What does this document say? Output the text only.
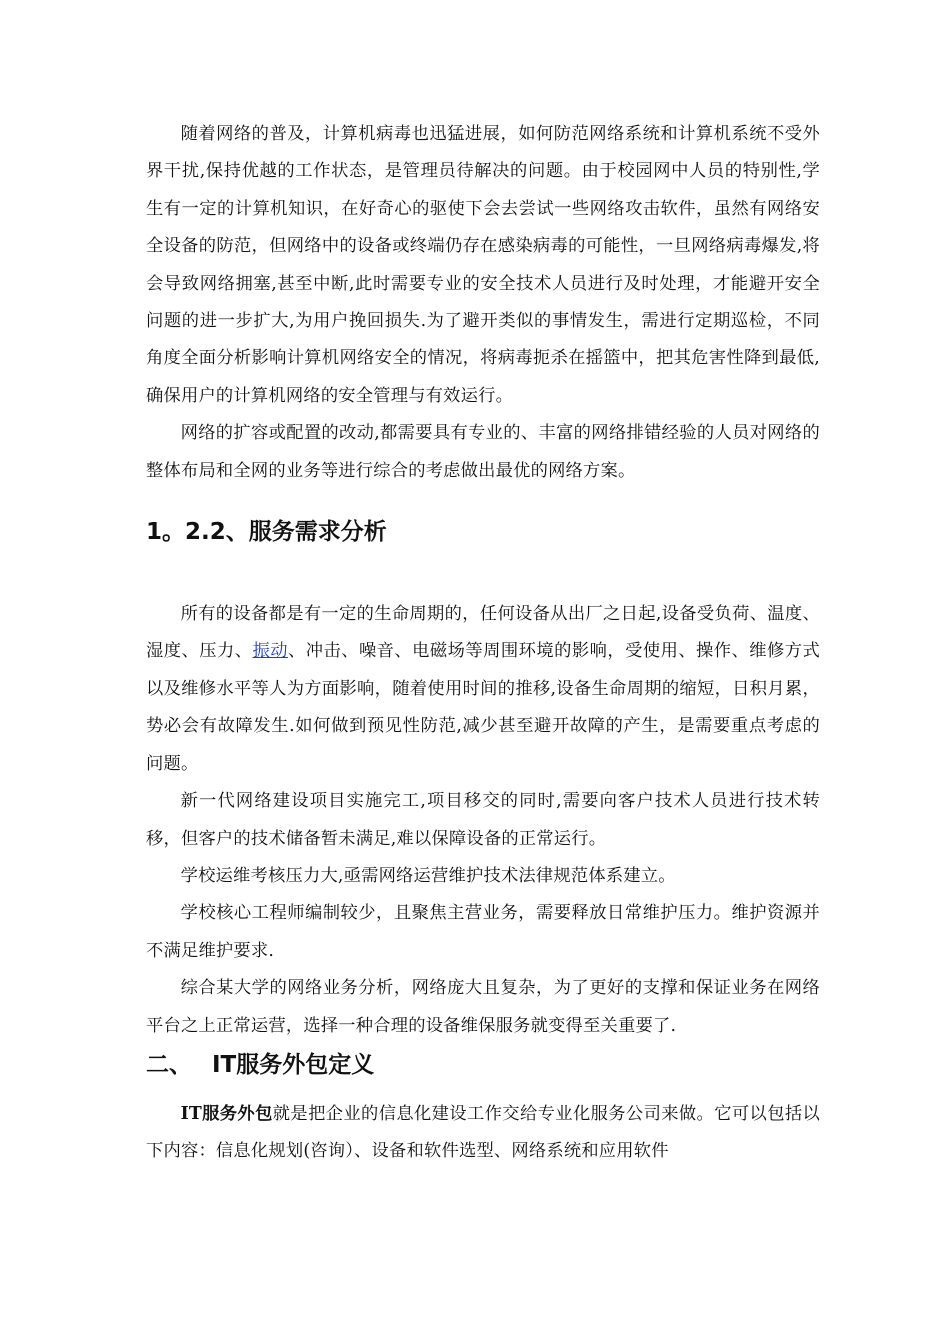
随着网络的普及，计算机病毒也迅猛进展，如何防范网络系统和计算机系统不受外界干扰,保持优越的工作状态，是管理员待解决的问题。由于校园网中人员的特别性,学生有一定的计算机知识，在好奇心的驱使下会去尝试一些网络攻击软件，虽然有网络安全设备的防范，但网络中的设备或终端仍存在感染病毒的可能性，一旦网络病毒爆发,将会导致网络拥塞,甚至中断,此时需要专业的安全技术人员进行及时处理，才能避开安全问题的进一步扩大,为用户挽回损失.为了避开类似的事情发生，需进行定期巡检，不同角度全面分析影响计算机网络安全的情况，将病毒扼杀在摇篮中，把其危害性降到最低,确保用户的计算机网络的安全管理与有效运行。

网络的扩容或配置的改动,都需要具有专业的、丰富的网络排错经验的人员对网络的整体布局和全网的业务等进行综合的考虑做出最优的网络方案。

1。2.2、服务需求分析

所有的设备都是有一定的生命周期的，任何设备从出厂之日起,设备受负荷、温度、湿度、压力、振动、冲击、噪音、电磁场等周围环境的影响，受使用、操作、维修方式以及维修水平等人为方面影响，随着使用时间的推移,设备生命周期的缩短，日积月累，势必会有故障发生.如何做到预见性防范,减少甚至避开故障的产生，是需要重点考虑的问题。

新一代网络建设项目实施完工,项目移交的同时,需要向客户技术人员进行技术转移，但客户的技术储备暂未满足,难以保障设备的正常运行。

学校运维考核压力大,亟需网络运营维护技术法律规范体系建立。

学校核心工程师编制较少，且聚焦主营业务，需要释放日常维护压力。维护资源并不满足维护要求.

综合某大学的网络业务分析，网络庞大且复杂，为了更好的支撑和保证业务在网络平台之上正常运营，选择一种合理的设备维保服务就变得至关重要了.

二、 IT服务外包定义

IT服务外包就是把企业的信息化建设工作交给专业化服务公司来做。它可以包括以下内容：信息化规划(咨询）、设备和软件选型、网络系统和应用软件
